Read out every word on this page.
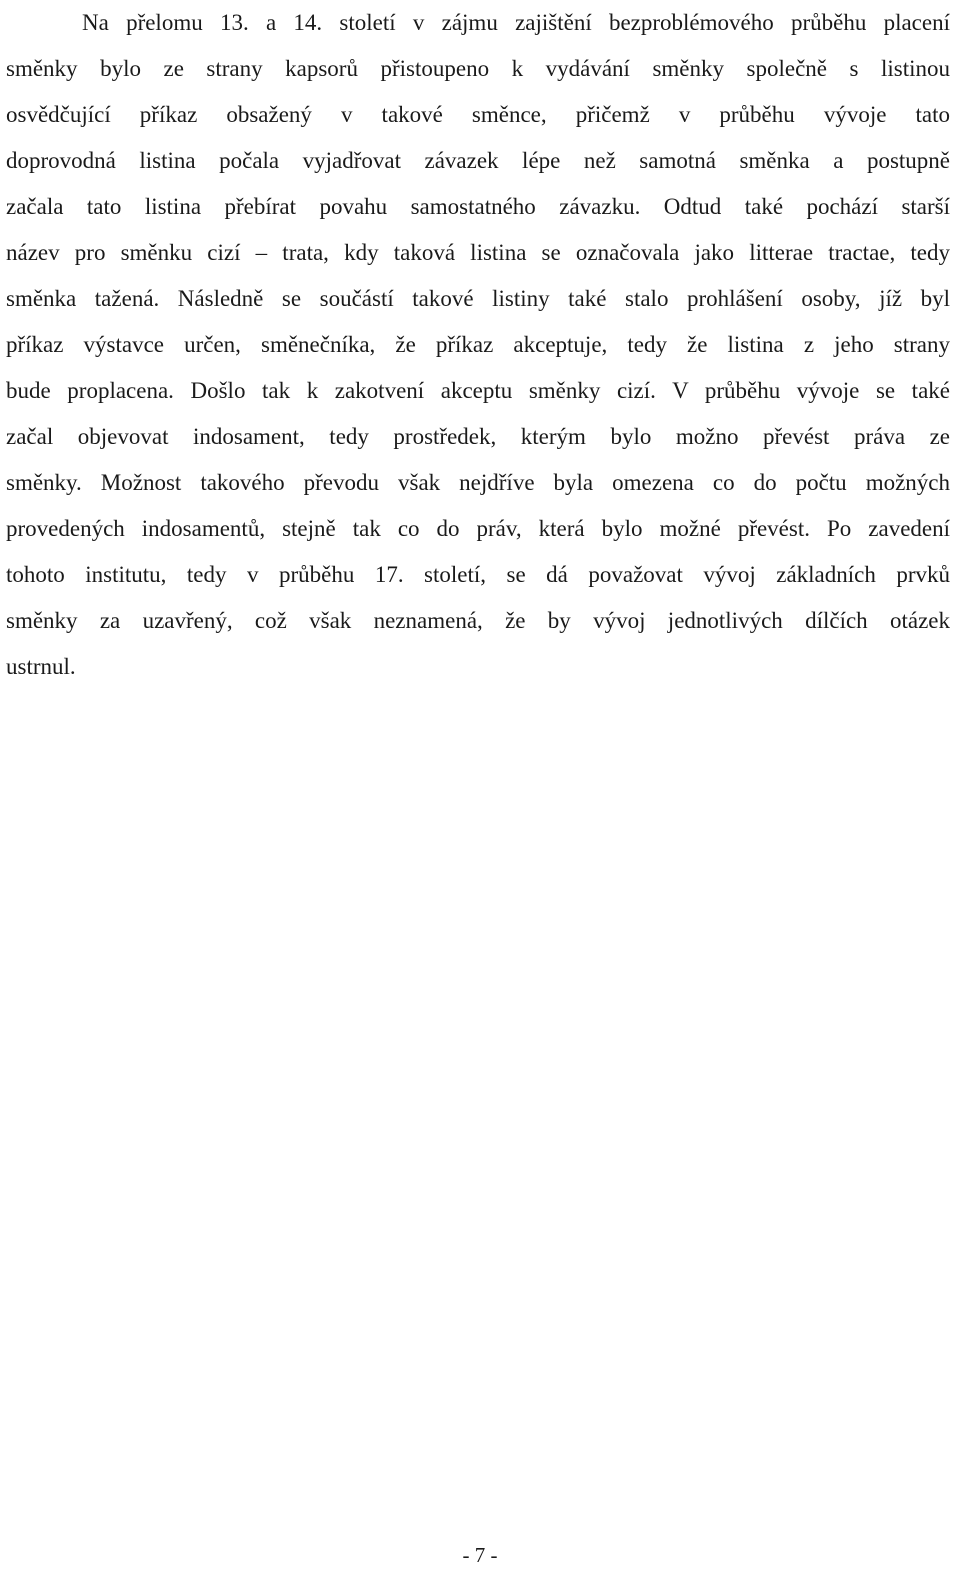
Na přelomu 13. a 14. století v zájmu zajištění bezproblémového průběhu placení
směnky bylo ze strany kapsorů přistoupeno k vydávání směnky společně s listinou
osvědčující příkaz obsažený v takové směnce, přičemž v průběhu vývoje tato
doprovodná listina počala vyjadřovat závazek lépe než samotná směnka a postupně
začala tato listina přebírat povahu samostatného závazku. Odtud také pochází starší
název pro směnku cizí – trata, kdy taková listina se označovala jako litterae tractae, tedy
směnka tažená. Následně se součástí takové listiny také stalo prohlášení osoby, jíž byl
příkaz výstavce určen, směnečníka, že příkaz akceptuje, tedy že listina z jeho strany
bude proplacena. Došlo tak k zakotvení akceptu směnky cizí. V průběhu vývoje se také
začal objevovat indosament, tedy prostředek, kterým bylo možno převést práva ze
směnky. Možnost takového převodu však nejdříve byla omezena co do počtu možných
provedených indosamentů, stejně tak co do práv, která bylo možné převést. Po zavedení
tohoto institutu, tedy v průběhu 17. století, se dá považovat vývoj základních prvků
směnky za uzavřený, což však neznamená, že by vývoj jednotlivých dílčích otázek
ustrnul.

- 7 -
